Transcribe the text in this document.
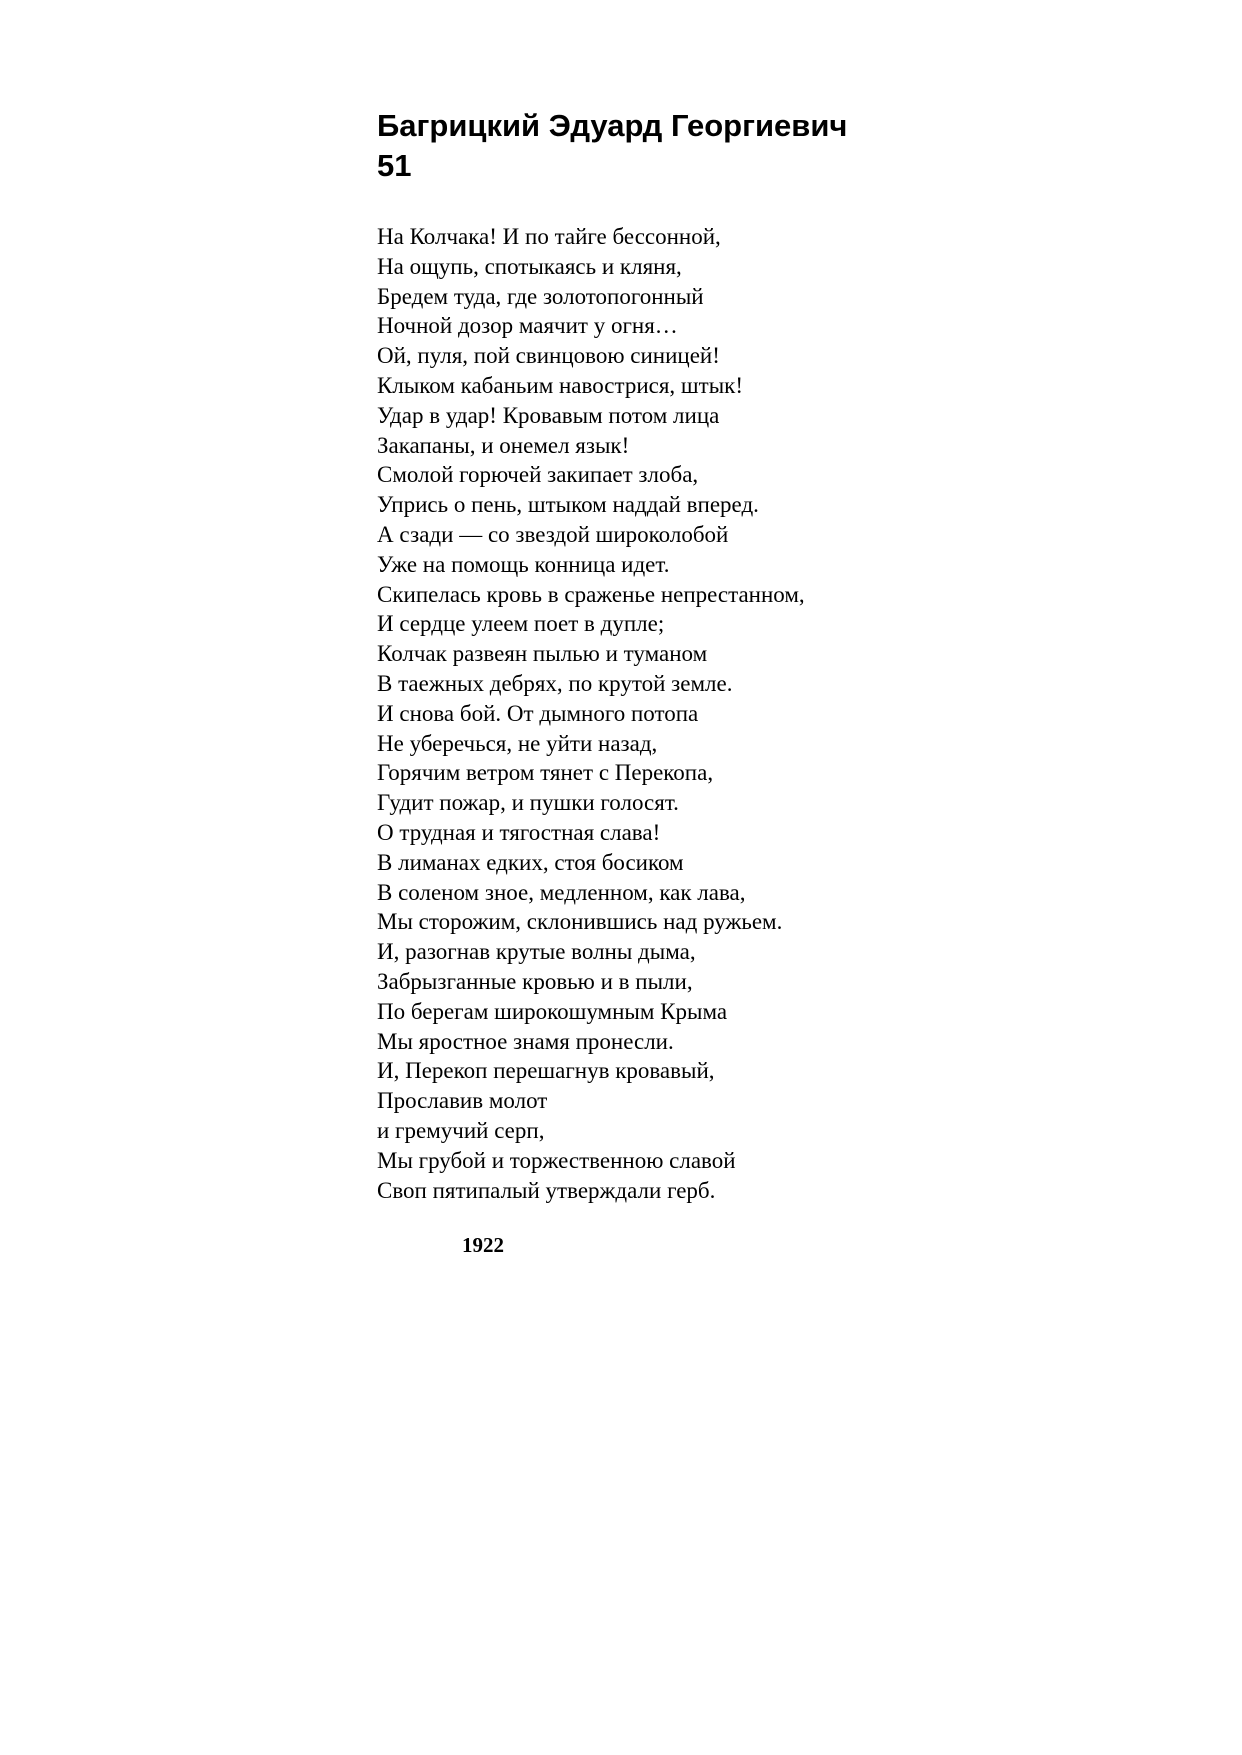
Багрицкий Эдуард Георгиевич
51
На Колчака! И по тайге бессонной,
На ощупь, спотыкаясь и кляня,
Бредем туда, где золотопогонный
Ночной дозор маячит у огня…
Ой, пуля, пой свинцовою синицей!
Клыком кабаньим навострися, штык!
Удар в удар! Кровавым потом лица
Закапаны, и онемел язык!
Смолой горючей закипает злоба,
Упрись о пень, штыком наддай вперед.
А сзади — со звездой широколобой
Уже на помощь конница идет.
Скипелась кровь в сраженье непрестанном,
И сердце улеем поет в дупле;
Колчак развеян пылью и туманом
В таежных дебрях, по крутой земле.
И снова бой. От дымного потопа
Не уберечься, не уйти назад,
Горячим ветром тянет с Перекопа,
Гудит пожар, и пушки голосят.
О трудная и тягостная слава!
В лиманах едких, стоя босиком
В соленом зное, медленном, как лава,
Мы сторожим, склонившись над ружьем.
И, разогнав крутые волны дыма,
Забрызганные кровью и в пыли,
По берегам широкошумным Крыма
Мы яростное знамя пронесли.
И, Перекоп перешагнув кровавый,
Прославив молот
и гремучий серп,
Мы грубой и торжественною славой
Своп пятипалый утверждали герб.
1922
